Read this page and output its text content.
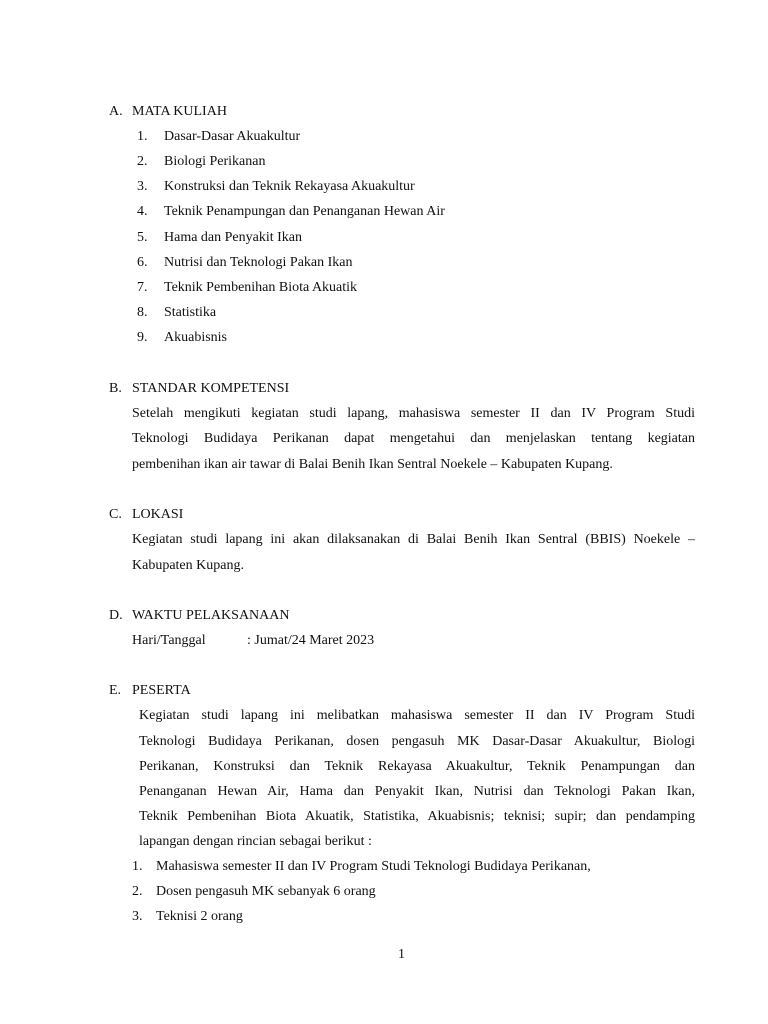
A. MATA KULIAH
1. Dasar-Dasar Akuakultur
2. Biologi Perikanan
3. Konstruksi dan Teknik Rekayasa Akuakultur
4. Teknik Penampungan dan Penanganan Hewan Air
5. Hama dan Penyakit Ikan
6. Nutrisi dan Teknologi Pakan Ikan
7. Teknik Pembenihan Biota Akuatik
8. Statistika
9. Akuabisnis
B. STANDAR KOMPETENSI
Setelah mengikuti kegiatan studi lapang, mahasiswa semester II dan IV Program Studi
Teknologi Budidaya Perikanan dapat mengetahui dan menjelaskan tentang kegiatan
pembenihan ikan air tawar di Balai Benih Ikan Sentral Noekele – Kabupaten Kupang.
C. LOKASI
Kegiatan studi lapang ini akan dilaksanakan di Balai Benih Ikan Sentral (BBIS) Noekele –
Kabupaten Kupang.
D. WAKTU PELAKSANAAN
Hari/Tanggal	: Jumat/24 Maret 2023
E. PESERTA
Kegiatan studi lapang ini melibatkan mahasiswa semester II dan IV Program Studi
Teknologi Budidaya Perikanan, dosen pengasuh MK Dasar-Dasar Akuakultur, Biologi
Perikanan, Konstruksi dan Teknik Rekayasa Akuakultur, Teknik Penampungan dan
Penanganan Hewan Air, Hama dan Penyakit Ikan, Nutrisi dan Teknologi Pakan Ikan,
Teknik Pembenihan Biota Akuatik, Statistika, Akuabisnis; teknisi; supir; dan pendamping
lapangan dengan rincian sebagai berikut :
1. Mahasiswa semester II dan IV Program Studi Teknologi Budidaya Perikanan,
2. Dosen pengasuh MK sebanyak 6 orang
3. Teknisi 2 orang
1
